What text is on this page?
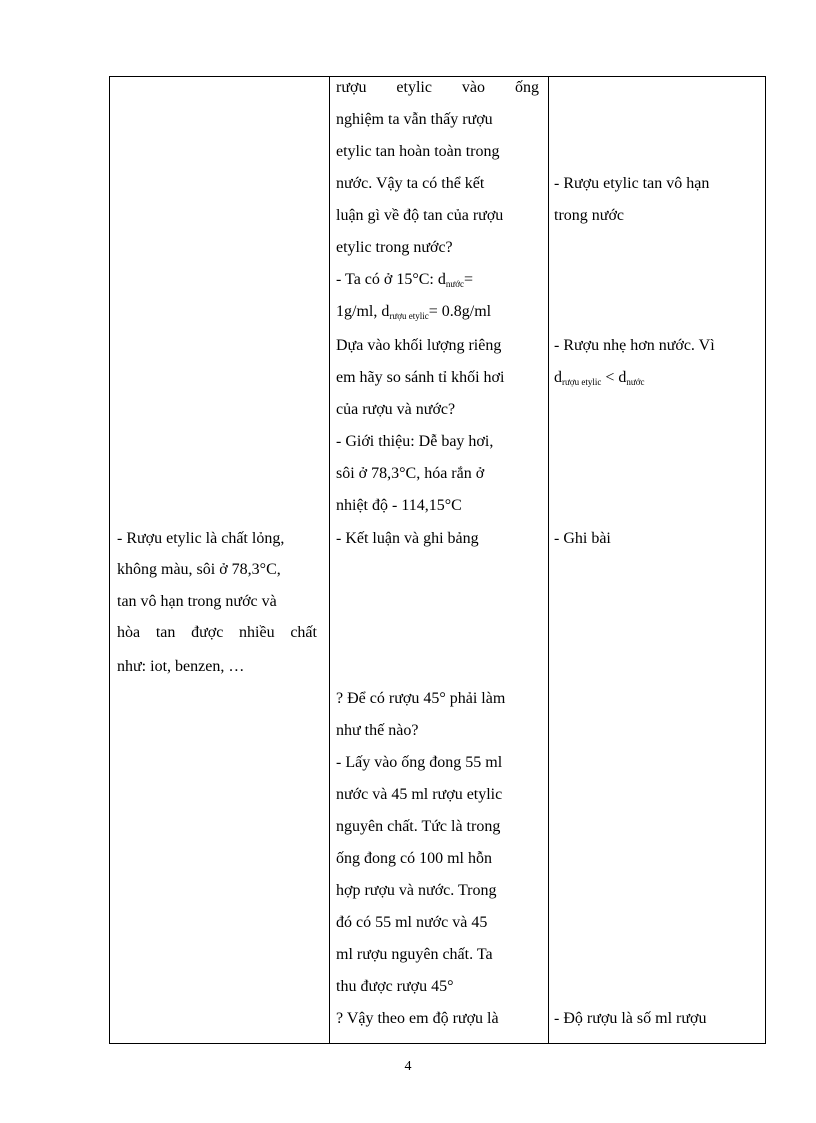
- Rượu etylic là chất lỏng,
không màu, sôi ở 78,3°C,
tan vô hạn trong nước và
hòa tan được nhiều chất
như: iot, benzen, …
rượu etylic vào ống
nghiệm ta vẫn thấy rượu
etylic tan hoàn toàn trong
nước. Vậy ta có thể kết
luận gì về độ tan của rượu
etylic trong nước?
- Ta có ở 15°C: $d_{nước}=$
1g/ml, $d_{rượu etylic}= 0.8g/ml$
Dựa vào khối lượng riêng
em hãy so sánh tỉ khối hơi
của rượu và nước?
- Giới thiệu: Dễ bay hơi,
sôi ở 78,3°C, hóa rắn ở
nhiệt độ - 114,15°C
- Kết luận và ghi bảng
? Để có rượu 45° phải làm
như thế nào?
- Lấy vào ống đong 55 ml
nước và 45 ml rượu etylic
nguyên chất. Tức là trong
ống đong có 100 ml hỗn
hợp rượu và nước. Trong
đó có 55 ml nước và 45
ml rượu nguyên chất. Ta
thu được rượu 45°
? Vậy theo em độ rượu là
- Rượu etylic tan vô hạn
trong nước
- Rượu nhẹ hơn nước. Vì
$d_{rượu etylic} < d_{nước}$
- Ghi bài
- Độ rượu là số ml rượu
4
